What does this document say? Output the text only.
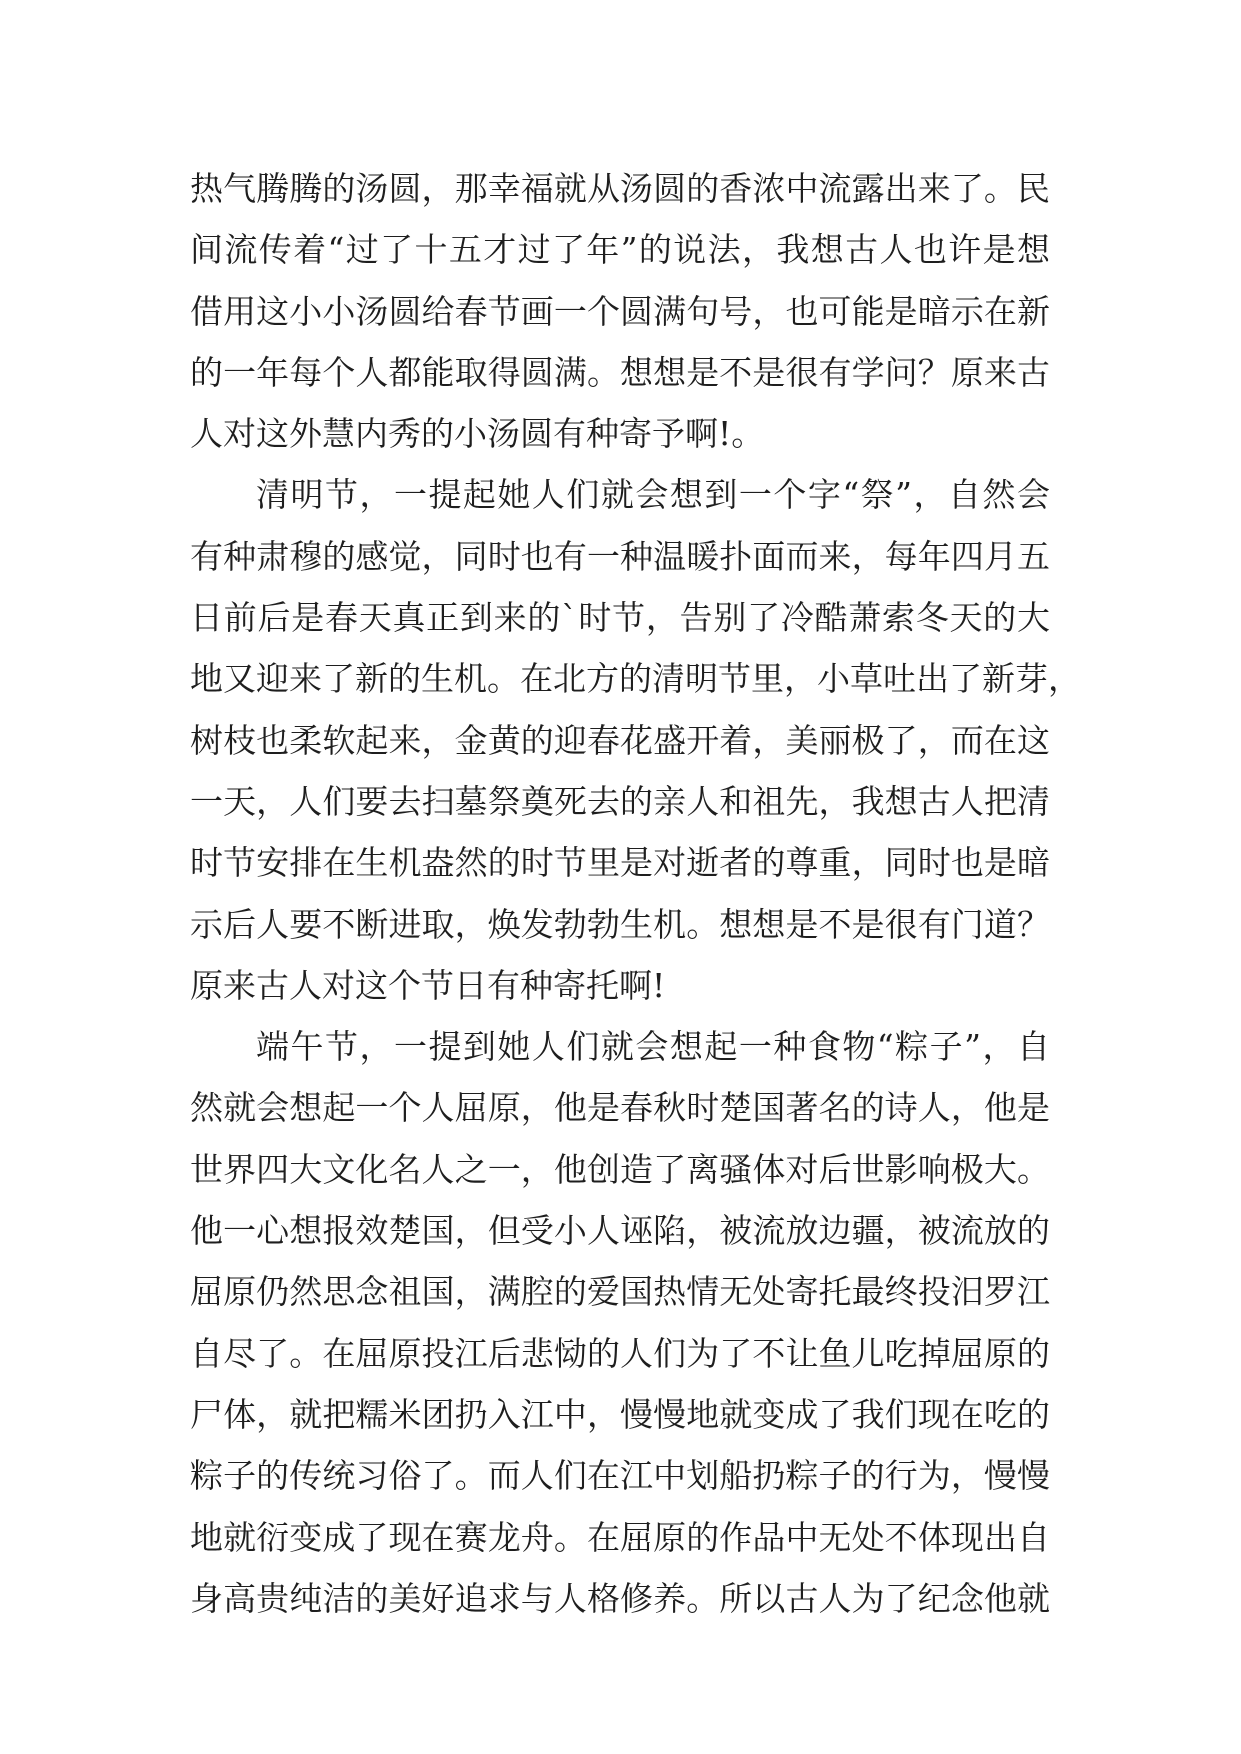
热气腾腾的汤圆，那幸福就从汤圆的香浓中流露出来了。民
间流传着“过了十五才过了年”的说法，我想古人也许是想
借用这小小汤圆给春节画一个圆满句号，也可能是暗示在新
的一年每个人都能取得圆满。想想是不是很有学问？原来古
人对这外慧内秀的小汤圆有种寄予啊!。
清明节，一提起她人们就会想到一个字“祭”，自然会
有种肃穆的感觉，同时也有一种温暖扑面而来，每年四月五
日前后是春天真正到来的`时节，告别了冷酷萧索冬天的大
地又迎来了新的生机。在北方的清明节里，小草吐出了新芽，
树枝也柔软起来，金黄的迎春花盛开着，美丽极了，而在这
一天，人们要去扫墓祭奠死去的亲人和祖先，我想古人把清
时节安排在生机盎然的时节里是对逝者的尊重，同时也是暗
示后人要不断进取，焕发勃勃生机。想想是不是很有门道？
原来古人对这个节日有种寄托啊!
端午节，一提到她人们就会想起一种食物“粽子”，自
然就会想起一个人屈原，他是春秋时楚国著名的诗人，他是
世界四大文化名人之一，他创造了离骚体对后世影响极大。
他一心想报效楚国，但受小人诬陷，被流放边疆，被流放的
屈原仍然思念祖国，满腔的爱国热情无处寄托最终投汨罗江
自尽了。在屈原投江后悲恸的人们为了不让鱼儿吃掉屈原的
尸体，就把糯米团扔入江中，慢慢地就变成了我们现在吃的
粽子的传统习俗了。而人们在江中划船扔粽子的行为，慢慢
地就衍变成了现在赛龙舟。在屈原的作品中无处不体现出自
身高贵纯洁的美好追求与人格修养。所以古人为了纪念他就
